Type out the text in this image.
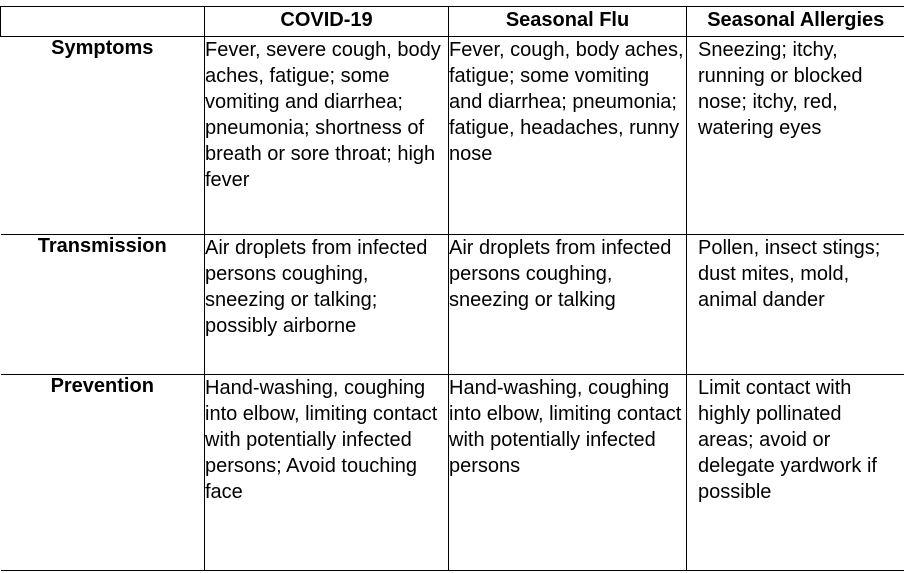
	COVID-19	Seasonal Flu	Seasonal Allergies
Symptoms	Fever, severe cough, body aches, fatigue; some vomiting and diarrhea; pneumonia; shortness of breath or sore throat; high fever	Fever, cough, body aches, fatigue; some vomiting and diarrhea; pneumonia; fatigue, headaches, runny nose	Sneezing; itchy, running or blocked nose; itchy, red, watering eyes
Transmission	Air droplets from infected persons coughing, sneezing or talking; possibly airborne	Air droplets from infected persons coughing, sneezing or talking	Pollen, insect stings; dust mites, mold, animal dander
Prevention	Hand-washing, coughing into elbow, limiting contact with potentially infected persons; Avoid touching face	Hand-washing, coughing into elbow, limiting contact with potentially infected persons	Limit contact with highly pollinated areas; avoid or delegate yardwork if possible
